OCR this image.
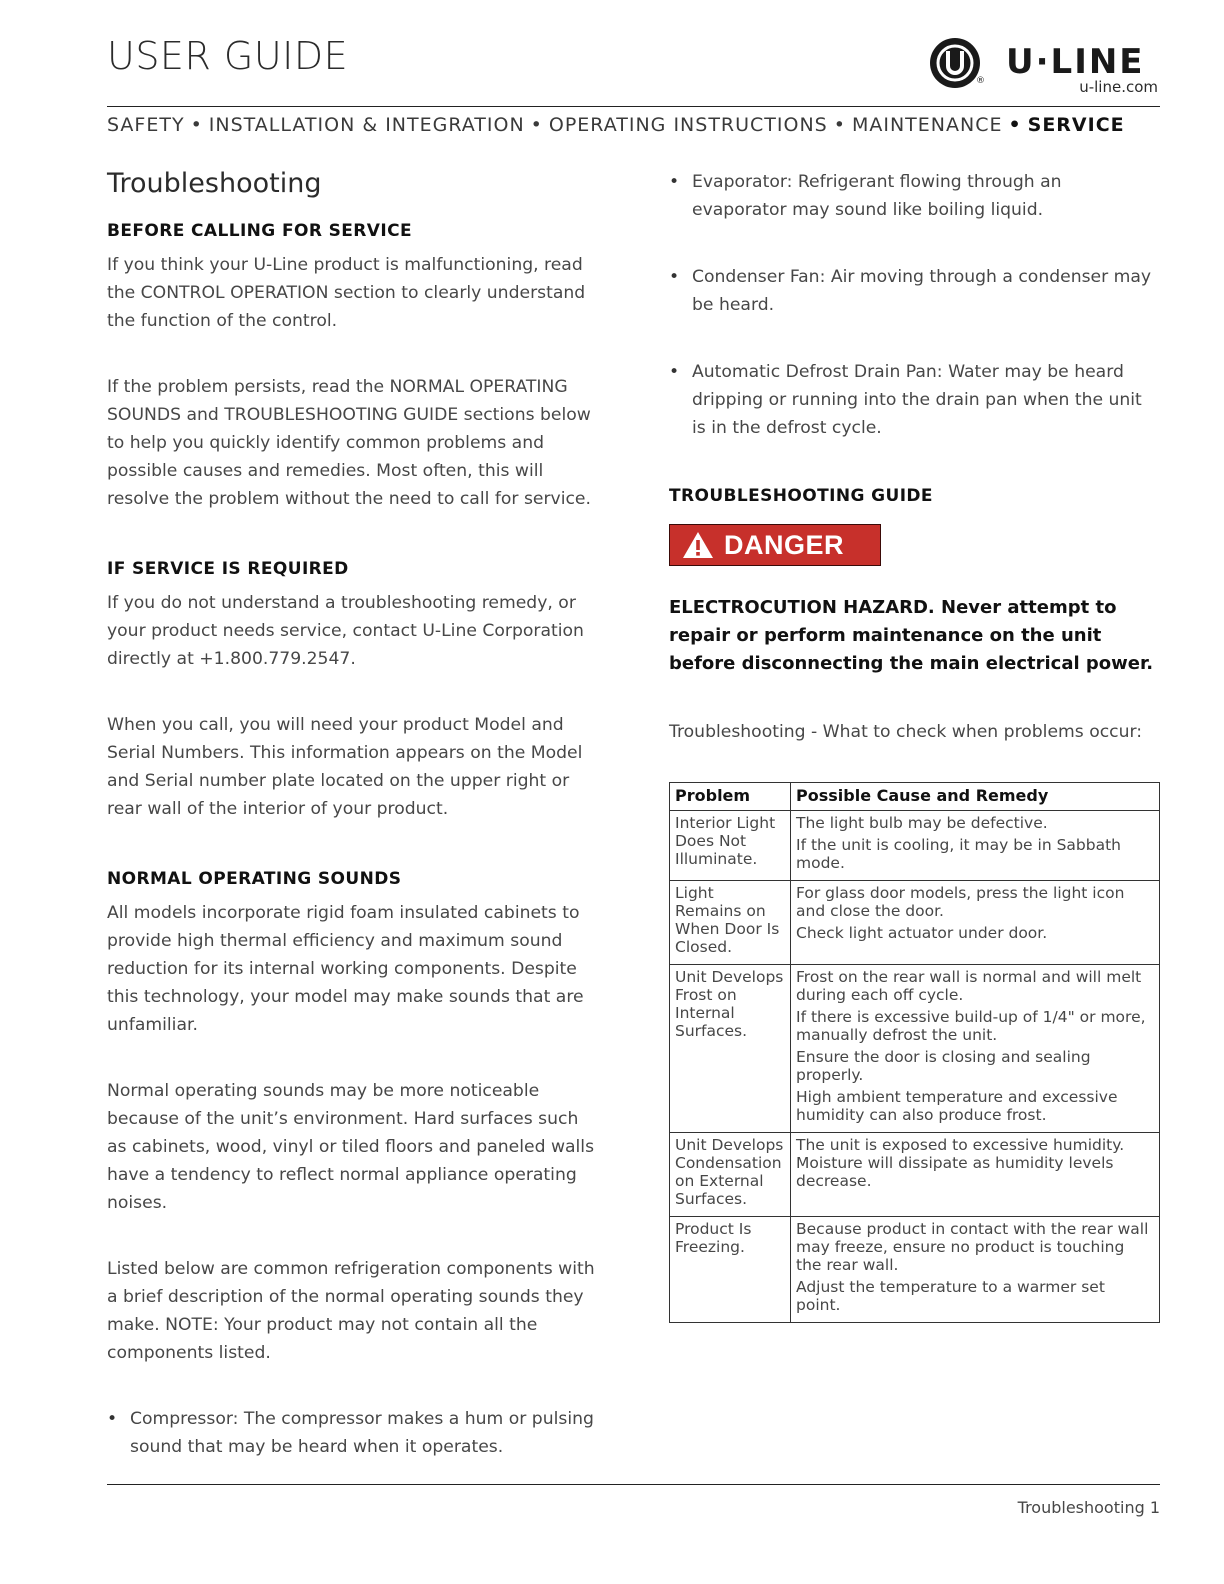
USER GUIDE
® U·LINE
u-line.com
SAFETY • INSTALLATION & INTEGRATION • OPERATING INSTRUCTIONS • MAINTENANCE • SERVICE
Troubleshooting
BEFORE CALLING FOR SERVICE

If you think your U-Line product is malfunctioning, read the CONTROL OPERATION section to clearly understand the function of the control.

If the problem persists, read the NORMAL OPERATING SOUNDS and TROUBLESHOOTING GUIDE sections below to help you quickly identify common problems and possible causes and remedies. Most often, this will resolve the problem without the need to call for service.

IF SERVICE IS REQUIRED

If you do not understand a troubleshooting remedy, or your product needs service, contact U-Line Corporation directly at +1.800.779.2547.

When you call, you will need your product Model and Serial Numbers. This information appears on the Model and Serial number plate located on the upper right or rear wall of the interior of your product.

NORMAL OPERATING SOUNDS

All models incorporate rigid foam insulated cabinets to provide high thermal efficiency and maximum sound reduction for its internal working components. Despite this technology, your model may make sounds that are unfamiliar.

Normal operating sounds may be more noticeable because of the unit’s environment. Hard surfaces such as cabinets, wood, vinyl or tiled floors and paneled walls have a tendency to reflect normal appliance operating noises.

Listed below are common refrigeration components with a brief description of the normal operating sounds they make. NOTE: Your product may not contain all the components listed.

• Compressor: The compressor makes a hum or pulsing sound that may be heard when it operates.
• Evaporator: Refrigerant flowing through an evaporator may sound like boiling liquid.
• Condenser Fan: Air moving through a condenser may be heard.
• Automatic Defrost Drain Pan: Water may be heard dripping or running into the drain pan when the unit is in the defrost cycle.
TROUBLESHOOTING GUIDE
DANGER

ELECTROCUTION HAZARD. Never attempt to repair or perform maintenance on the unit before disconnecting the main electrical power.

Troubleshooting - What to check when problems occur:
Problem	Possible Cause and Remedy
Interior Light Does Not Illuminate.	The light bulb may be defective.
If the unit is cooling, it may be in Sabbath mode.

Light Remains on When Door Is Closed.	For glass door models, press the light icon and close the door.
Check light actuator under door.

Unit Develops Frost on Internal Surfaces.	Frost on the rear wall is normal and will melt during each off cycle.
If there is excessive build-up of 1/4" or more, manually defrost the unit.
Ensure the door is closing and sealing properly.
High ambient temperature and excessive humidity can also produce frost.

Unit Develops Condensation on External Surfaces.	The unit is exposed to excessive humidity. Moisture will dissipate as humidity levels decrease.

Product Is Freezing.	Because product in contact with the rear wall may freeze, ensure no product is touching the rear wall.
Adjust the temperature to a warmer set point.
Troubleshooting 1
